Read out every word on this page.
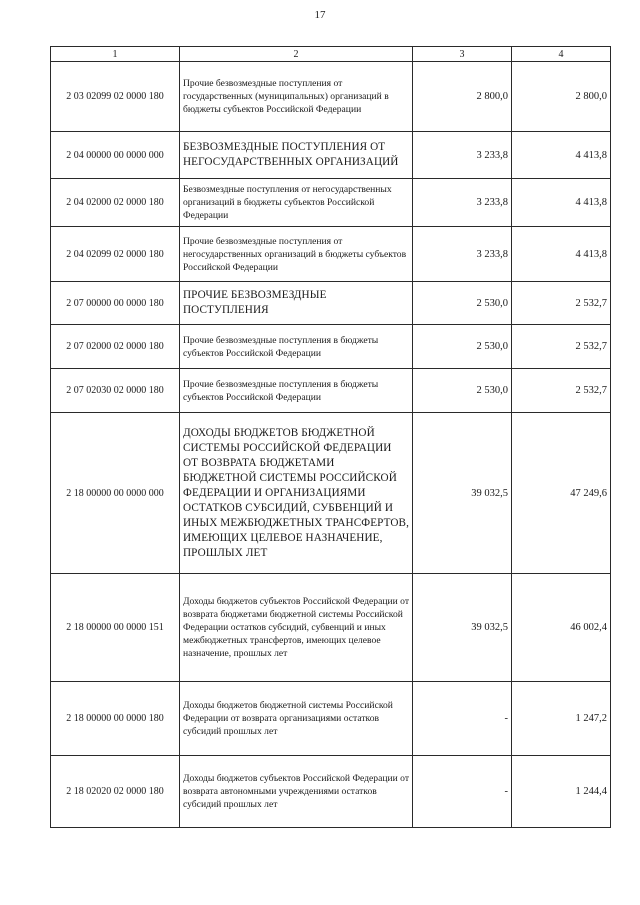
17
1	2	3	4
2 03 02099 02 0000 180	Прочие безвозмездные поступления от государственных (муниципальных) организаций в бюджеты субъектов Российской Федерации	2 800,0	2 800,0
2 04 00000 00 0000 000	БЕЗВОЗМЕЗДНЫЕ ПОСТУПЛЕНИЯ ОТ НЕГОСУДАРСТВЕННЫХ ОРГАНИЗАЦИЙ	3 233,8	4 413,8
2 04 02000 02 0000 180	Безвозмездные поступления от негосударственных организаций в бюджеты субъектов Российской Федерации	3 233,8	4 413,8
2 04 02099 02 0000 180	Прочие безвозмездные поступления от негосударственных организаций в бюджеты субъектов Российской Федерации	3 233,8	4 413,8
2 07 00000 00 0000 180	ПРОЧИЕ БЕЗВОЗМЕЗДНЫЕ ПОСТУПЛЕНИЯ	2 530,0	2 532,7
2 07 02000 02 0000 180	Прочие безвозмездные поступления в бюджеты субъектов Российской Федерации	2 530,0	2 532,7
2 07 02030 02 0000 180	Прочие безвозмездные поступления в бюджеты субъектов Российской Федерации	2 530,0	2 532,7
2 18 00000 00 0000 000	ДОХОДЫ БЮДЖЕТОВ БЮДЖЕТНОЙ СИСТЕМЫ РОССИЙСКОЙ ФЕДЕРАЦИИ ОТ ВОЗВРАТА БЮДЖЕТАМИ БЮДЖЕТНОЙ СИСТЕМЫ РОССИЙСКОЙ ФЕДЕРАЦИИ И ОРГАНИЗАЦИЯМИ ОСТАТКОВ СУБСИДИЙ, СУБВЕНЦИЙ И ИНЫХ МЕЖБЮДЖЕТНЫХ ТРАНСФЕРТОВ, ИМЕЮЩИХ ЦЕЛЕВОЕ НАЗНАЧЕНИЕ, ПРОШЛЫХ ЛЕТ	39 032,5	47 249,6
2 18 00000 00 0000 151	Доходы бюджетов субъектов Российской Федерации от возврата бюджетами бюджетной системы Российской Федерации остатков субсидий, субвенций и иных межбюджетных трансфертов, имеющих целевое назначение, прошлых лет	39 032,5	46 002,4
2 18 00000 00 0000 180	Доходы бюджетов бюджетной системы Российской Федерации от возврата организациями остатков субсидий прошлых лет	-	1 247,2
2 18 02020 02 0000 180	Доходы бюджетов субъектов Российской Федерации от возврата автономными учреждениями остатков субсидий прошлых лет	-	1 244,4
